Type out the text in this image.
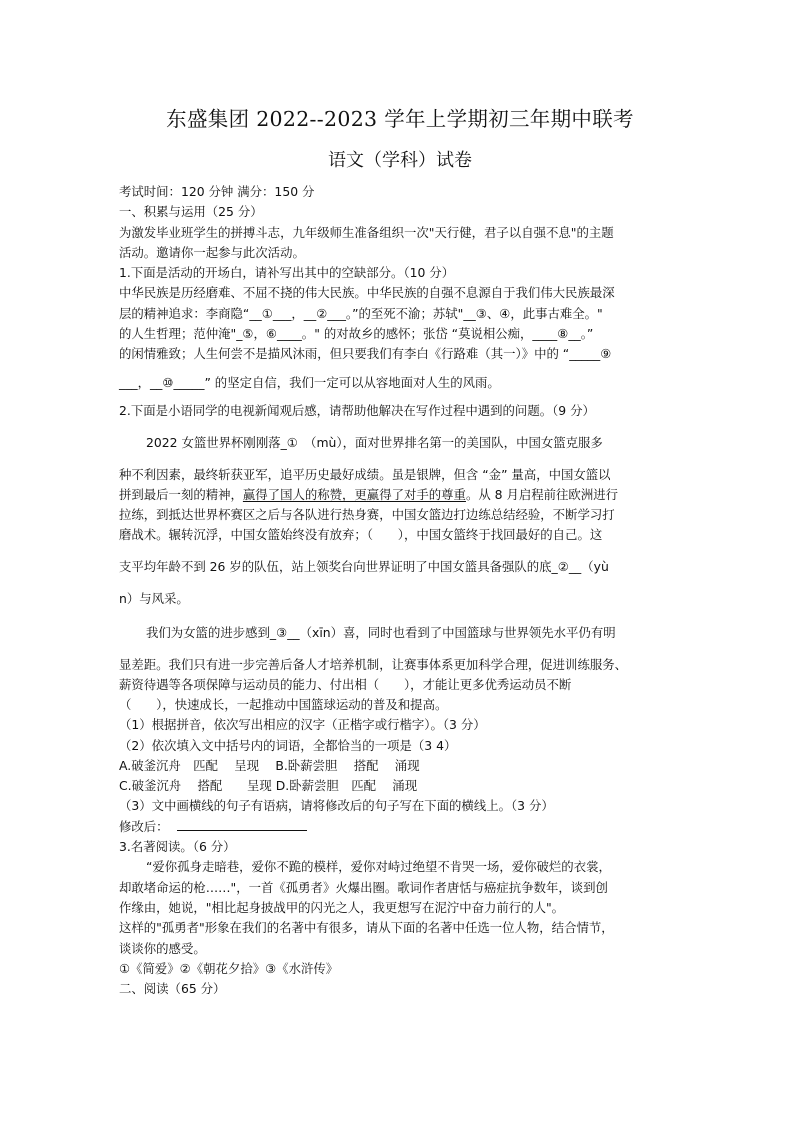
东盛集团 2022--2023 学年上学期初三年期中联考
语文（学科）试卷
考试时间：120 分钟 满分：150 分
一、积累与运用（25 分）
为激发毕业班学生的拼搏斗志，九年级师生准备组织一次"天行健，君子以自强不息"的主题
活动。邀请你一起参与此次活动。
1.下面是活动的开场白，请补写出其中的空缺部分。（10 分）
中华民族是历经磨难、不屈不挠的伟大民族。中华民族的自强不息源自于我们伟大民族最深
层的精神追求：李商隐“__①___，__②___。”的至死不渝；苏轼"__③、④，此事古难全。"
的人生哲理；范仲淹"_⑤，⑥____。" 的对故乡的感怀；张岱 “莫说相公痴，____⑧__。”
的闲情雅致；人生何尝不是描风沐雨，但只要我们有李白《行路难（其一）》中的 “_____⑨
___，__⑩_____” 的坚定自信，我们一定可以从容地面对人生的风雨。
2.下面是小语同学的电视新闻观后感，请帮助他解决在写作过程中遇到的问题。（9 分）
2022 女篮世界杯刚刚落_①　（mù），面对世界排名第一的美国队，中国女篮克服多
种不利因素，最终斩获亚军，追平历史最好成绩。虽是银牌，但含 “金” 量高，中国女篮以
拼到最后一刻的精神，赢得了国人的称赞，更赢得了对手的尊重。从 8 月启程前往欧洲进行
拉练，到抵达世界杯赛区之后与各队进行热身赛，中国女篮边打边练总结经验，不断学习打
磨战术。辗转沉浮，中国女篮始终没有放弃；（　　），中国女篮终于找回最好的自己。这
支平均年龄不到 26 岁的队伍，站上领奖台向世界证明了中国女篮具备强队的底_②__（yù
n）与风采。
我们为女篮的进步感到_③__（xīn）喜，同时也看到了中国篮球与世界领先水平仍有明
显差距。我们只有进一步完善后备人才培养机制，让赛事体系更加科学合理，促进训练服务、
薪资待遇等各项保障与运动员的能力、付出相（　　），才能让更多优秀运动员不断
（　　），快速成长，一起推动中国篮球运动的普及和提高。
（1）根据拼音，依次写出相应的汉字（正楷字或行楷字）。（3 分）
（2）依次填入文中括号内的词语，全都恰当的一项是（3 4）
A.破釜沉舟　匹配　 呈现　 B.卧薪尝胆　 搭配　 涌现
C.破釜沉舟　 搭配　　呈现 D.卧薪尝胆　匹配　 涌现
（3）文中画横线的句子有语病，请将修改后的句子写在下面的横线上。（3 分）
修改后：
3.名著阅读。（6 分）
“爱你孤身走暗巷，爱你不跪的模样，爱你对峙过绝望不肯哭一场，爱你破烂的衣裳，
却敢堵命运的枪……"，一首《孤勇者》火爆出圈。歌词作者唐恬与癌症抗争数年，谈到创
作缘由，她说，"相比起身披战甲的闪光之人，我更想写在泥泞中奋力前行的人"。
这样的"孤勇者"形象在我们的名著中有很多，请从下面的名著中任选一位人物，结合情节，
谈谈你的感受。
①《简爱》②《朝花夕拾》③《水浒传》
二、阅读（65 分）
